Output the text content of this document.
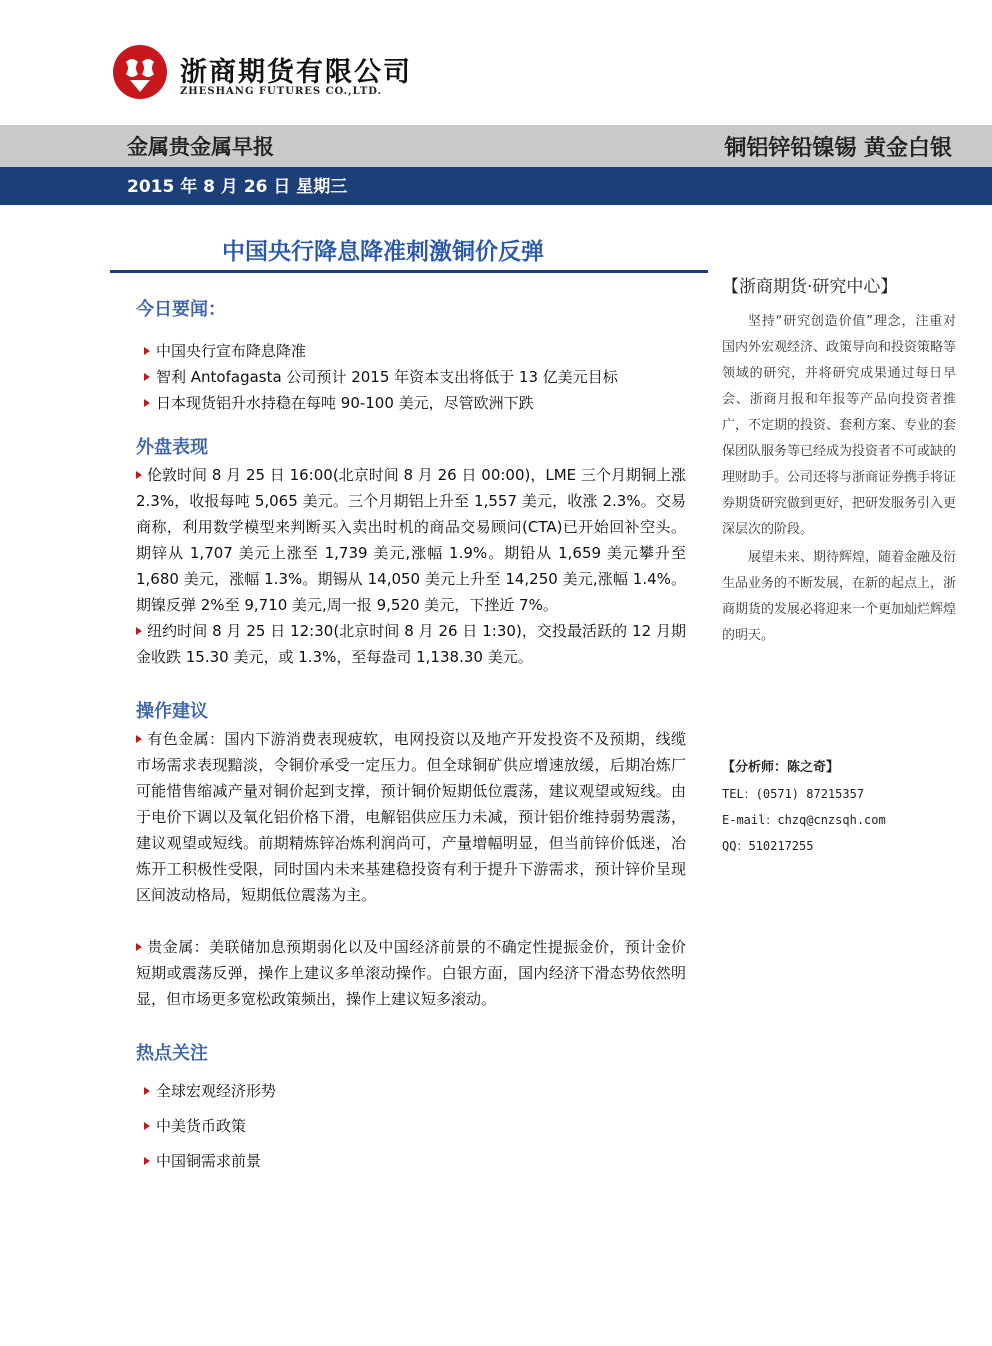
浙商期货有限公司
ZHESHANG FUTURES CO.,LTD.
金属贵金属早报	铜铝锌铅镍锡 黄金白银
2015 年 8 月 26 日 星期三
中国央行降息降准刺激铜价反弹
今日要闻：
中国央行宣布降息降准
智利 Antofagasta 公司预计 2015 年资本支出将低于 13 亿美元目标
日本现货铝升水持稳在每吨 90-100 美元，尽管欧洲下跌
外盘表现

伦敦时间 8 月 25 日 16:00(北京时间 8 月 26 日 00:00)，LME 三个月期铜上涨 2.3%，收报每吨 5,065 美元。三个月期铝上升至 1,557 美元，收涨 2.3%。交易商称，利用数学模型来判断买入卖出时机的商品交易顾问(CTA)已开始回补空头。期锌从 1,707 美元上涨至 1,739 美元,涨幅 1.9%。期铅从 1,659 美元攀升至 1,680 美元，涨幅 1.3%。期锡从 14,050 美元上升至 14,250 美元,涨幅 1.4%。期镍反弹 2%至 9,710 美元,周一报 9,520 美元，下挫近 7%。

纽约时间 8 月 25 日 12:30(北京时间 8 月 26 日 1:30)，交投最活跃的 12 月期金收跌 15.30 美元，或 1.3%，至每盎司 1,138.30 美元。

操作建议

有色金属：国内下游消费表现疲软，电网投资以及地产开发投资不及预期，线缆市场需求表现黯淡，令铜价承受一定压力。但全球铜矿供应增速放缓，后期冶炼厂可能惜售缩减产量对铜价起到支撑，预计铜价短期低位震荡，建议观望或短线。由于电价下调以及氧化铝价格下滑，电解铝供应压力未减，预计铝价维持弱势震荡，建议观望或短线。前期精炼锌冶炼利润尚可，产量增幅明显，但当前锌价低迷，冶炼开工积极性受限，同时国内未来基建稳投资有利于提升下游需求，预计锌价呈现区间波动格局，短期低位震荡为主。

贵金属：美联储加息预期弱化以及中国经济前景的不确定性提振金价，预计金价短期或震荡反弹，操作上建议多单滚动操作。白银方面，国内经济下滑态势依然明显，但市场更多宽松政策频出，操作上建议短多滚动。

热点关注
全球宏观经济形势
中美货币政策
中国铜需求前景
【浙商期货·研究中心】

坚持“研究创造价值”理念，注重对国内外宏观经济、政策导向和投资策略等领域的研究，并将研究成果通过每日早会、浙商月报和年报等产品向投资者推广，不定期的投资、套利方案、专业的套保团队服务等已经成为投资者不可或缺的理财助手。公司还将与浙商证券携手将证券期货研究做到更好，把研发服务引入更深层次的阶段。

展望未来、期待辉煌，随着金融及衍生品业务的不断发展，在新的起点上，浙商期货的发展必将迎来一个更加灿烂辉煌的明天。

【分析师：陈之奇】
TEL：(0571) 87215357
E-mail：chzq@cnzsqh.com
QQ：510217255
